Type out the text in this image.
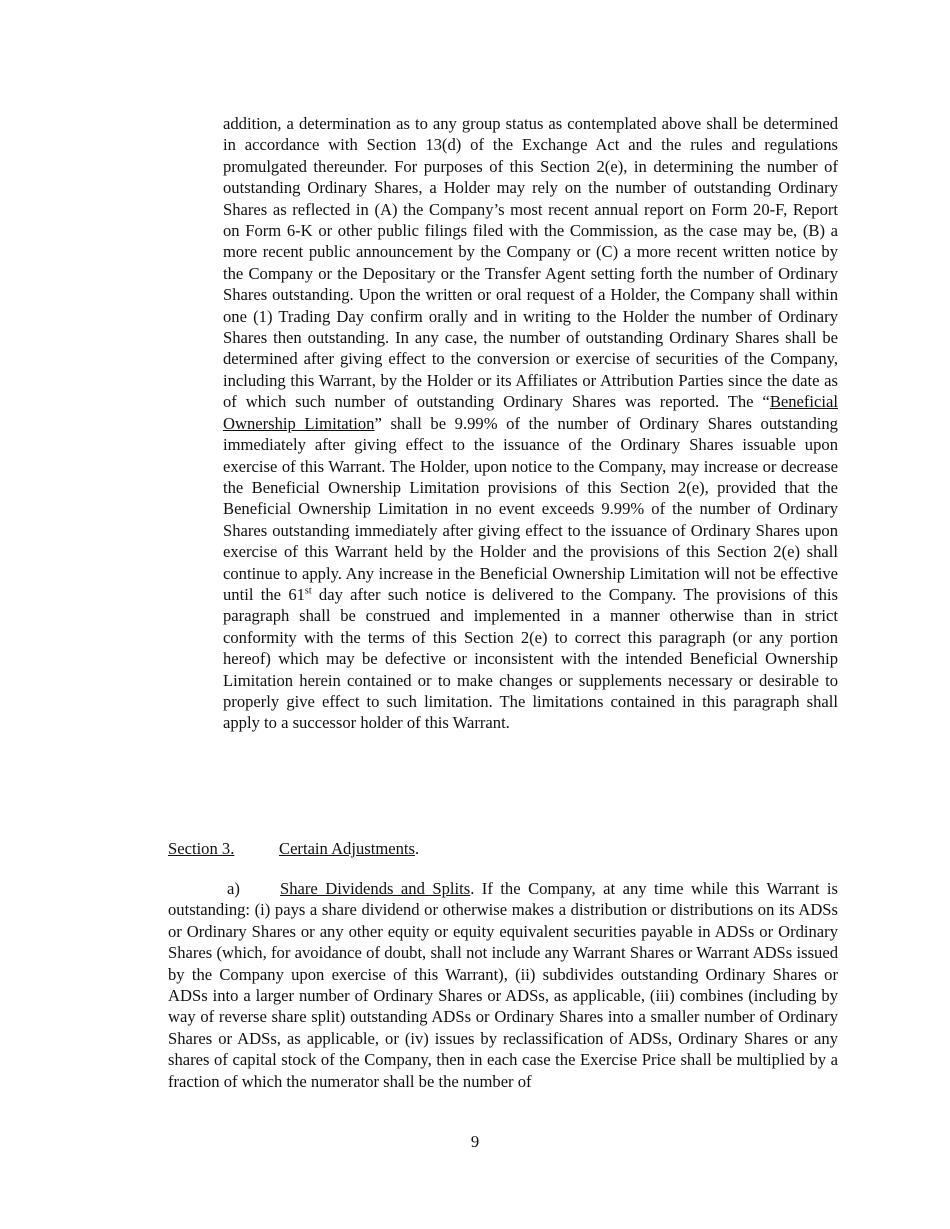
addition, a determination as to any group status as contemplated above shall be determined in accordance with Section 13(d) of the Exchange Act and the rules and regulations promulgated thereunder. For purposes of this Section 2(e), in determining the number of outstanding Ordinary Shares, a Holder may rely on the number of outstanding Ordinary Shares as reflected in (A) the Company’s most recent annual report on Form 20-F, Report on Form 6-K or other public filings filed with the Commission, as the case may be, (B) a more recent public announcement by the Company or (C) a more recent written notice by the Company or the Depositary or the Transfer Agent setting forth the number of Ordinary Shares outstanding. Upon the written or oral request of a Holder, the Company shall within one (1) Trading Day confirm orally and in writing to the Holder the number of Ordinary Shares then outstanding. In any case, the number of outstanding Ordinary Shares shall be determined after giving effect to the conversion or exercise of securities of the Company, including this Warrant, by the Holder or its Affiliates or Attribution Parties since the date as of which such number of outstanding Ordinary Shares was reported. The “Beneficial Ownership Limitation” shall be 9.99% of the number of Ordinary Shares outstanding immediately after giving effect to the issuance of the Ordinary Shares issuable upon exercise of this Warrant. The Holder, upon notice to the Company, may increase or decrease the Beneficial Ownership Limitation provisions of this Section 2(e), provided that the Beneficial Ownership Limitation in no event exceeds 9.99% of the number of Ordinary Shares outstanding immediately after giving effect to the issuance of Ordinary Shares upon exercise of this Warrant held by the Holder and the provisions of this Section 2(e) shall continue to apply. Any increase in the Beneficial Ownership Limitation will not be effective until the 61st day after such notice is delivered to the Company. The provisions of this paragraph shall be construed and implemented in a manner otherwise than in strict conformity with the terms of this Section 2(e) to correct this paragraph (or any portion hereof) which may be defective or inconsistent with the intended Beneficial Ownership Limitation herein contained or to make changes or supplements necessary or desirable to properly give effect to such limitation. The limitations contained in this paragraph shall apply to a successor holder of this Warrant.

Section 3.	Certain Adjustments.

a) Share Dividends and Splits. If the Company, at any time while this Warrant is outstanding: (i) pays a share dividend or otherwise makes a distribution or distributions on its ADSs or Ordinary Shares or any other equity or equity equivalent securities payable in ADSs or Ordinary Shares (which, for avoidance of doubt, shall not include any Warrant Shares or Warrant ADSs issued by the Company upon exercise of this Warrant), (ii) subdivides outstanding Ordinary Shares or ADSs into a larger number of Ordinary Shares or ADSs, as applicable, (iii) combines (including by way of reverse share split) outstanding ADSs or Ordinary Shares into a smaller number of Ordinary Shares or ADSs, as applicable, or (iv) issues by reclassification of ADSs, Ordinary Shares or any shares of capital stock of the Company, then in each case the Exercise Price shall be multiplied by a fraction of which the numerator shall be the number of

9
